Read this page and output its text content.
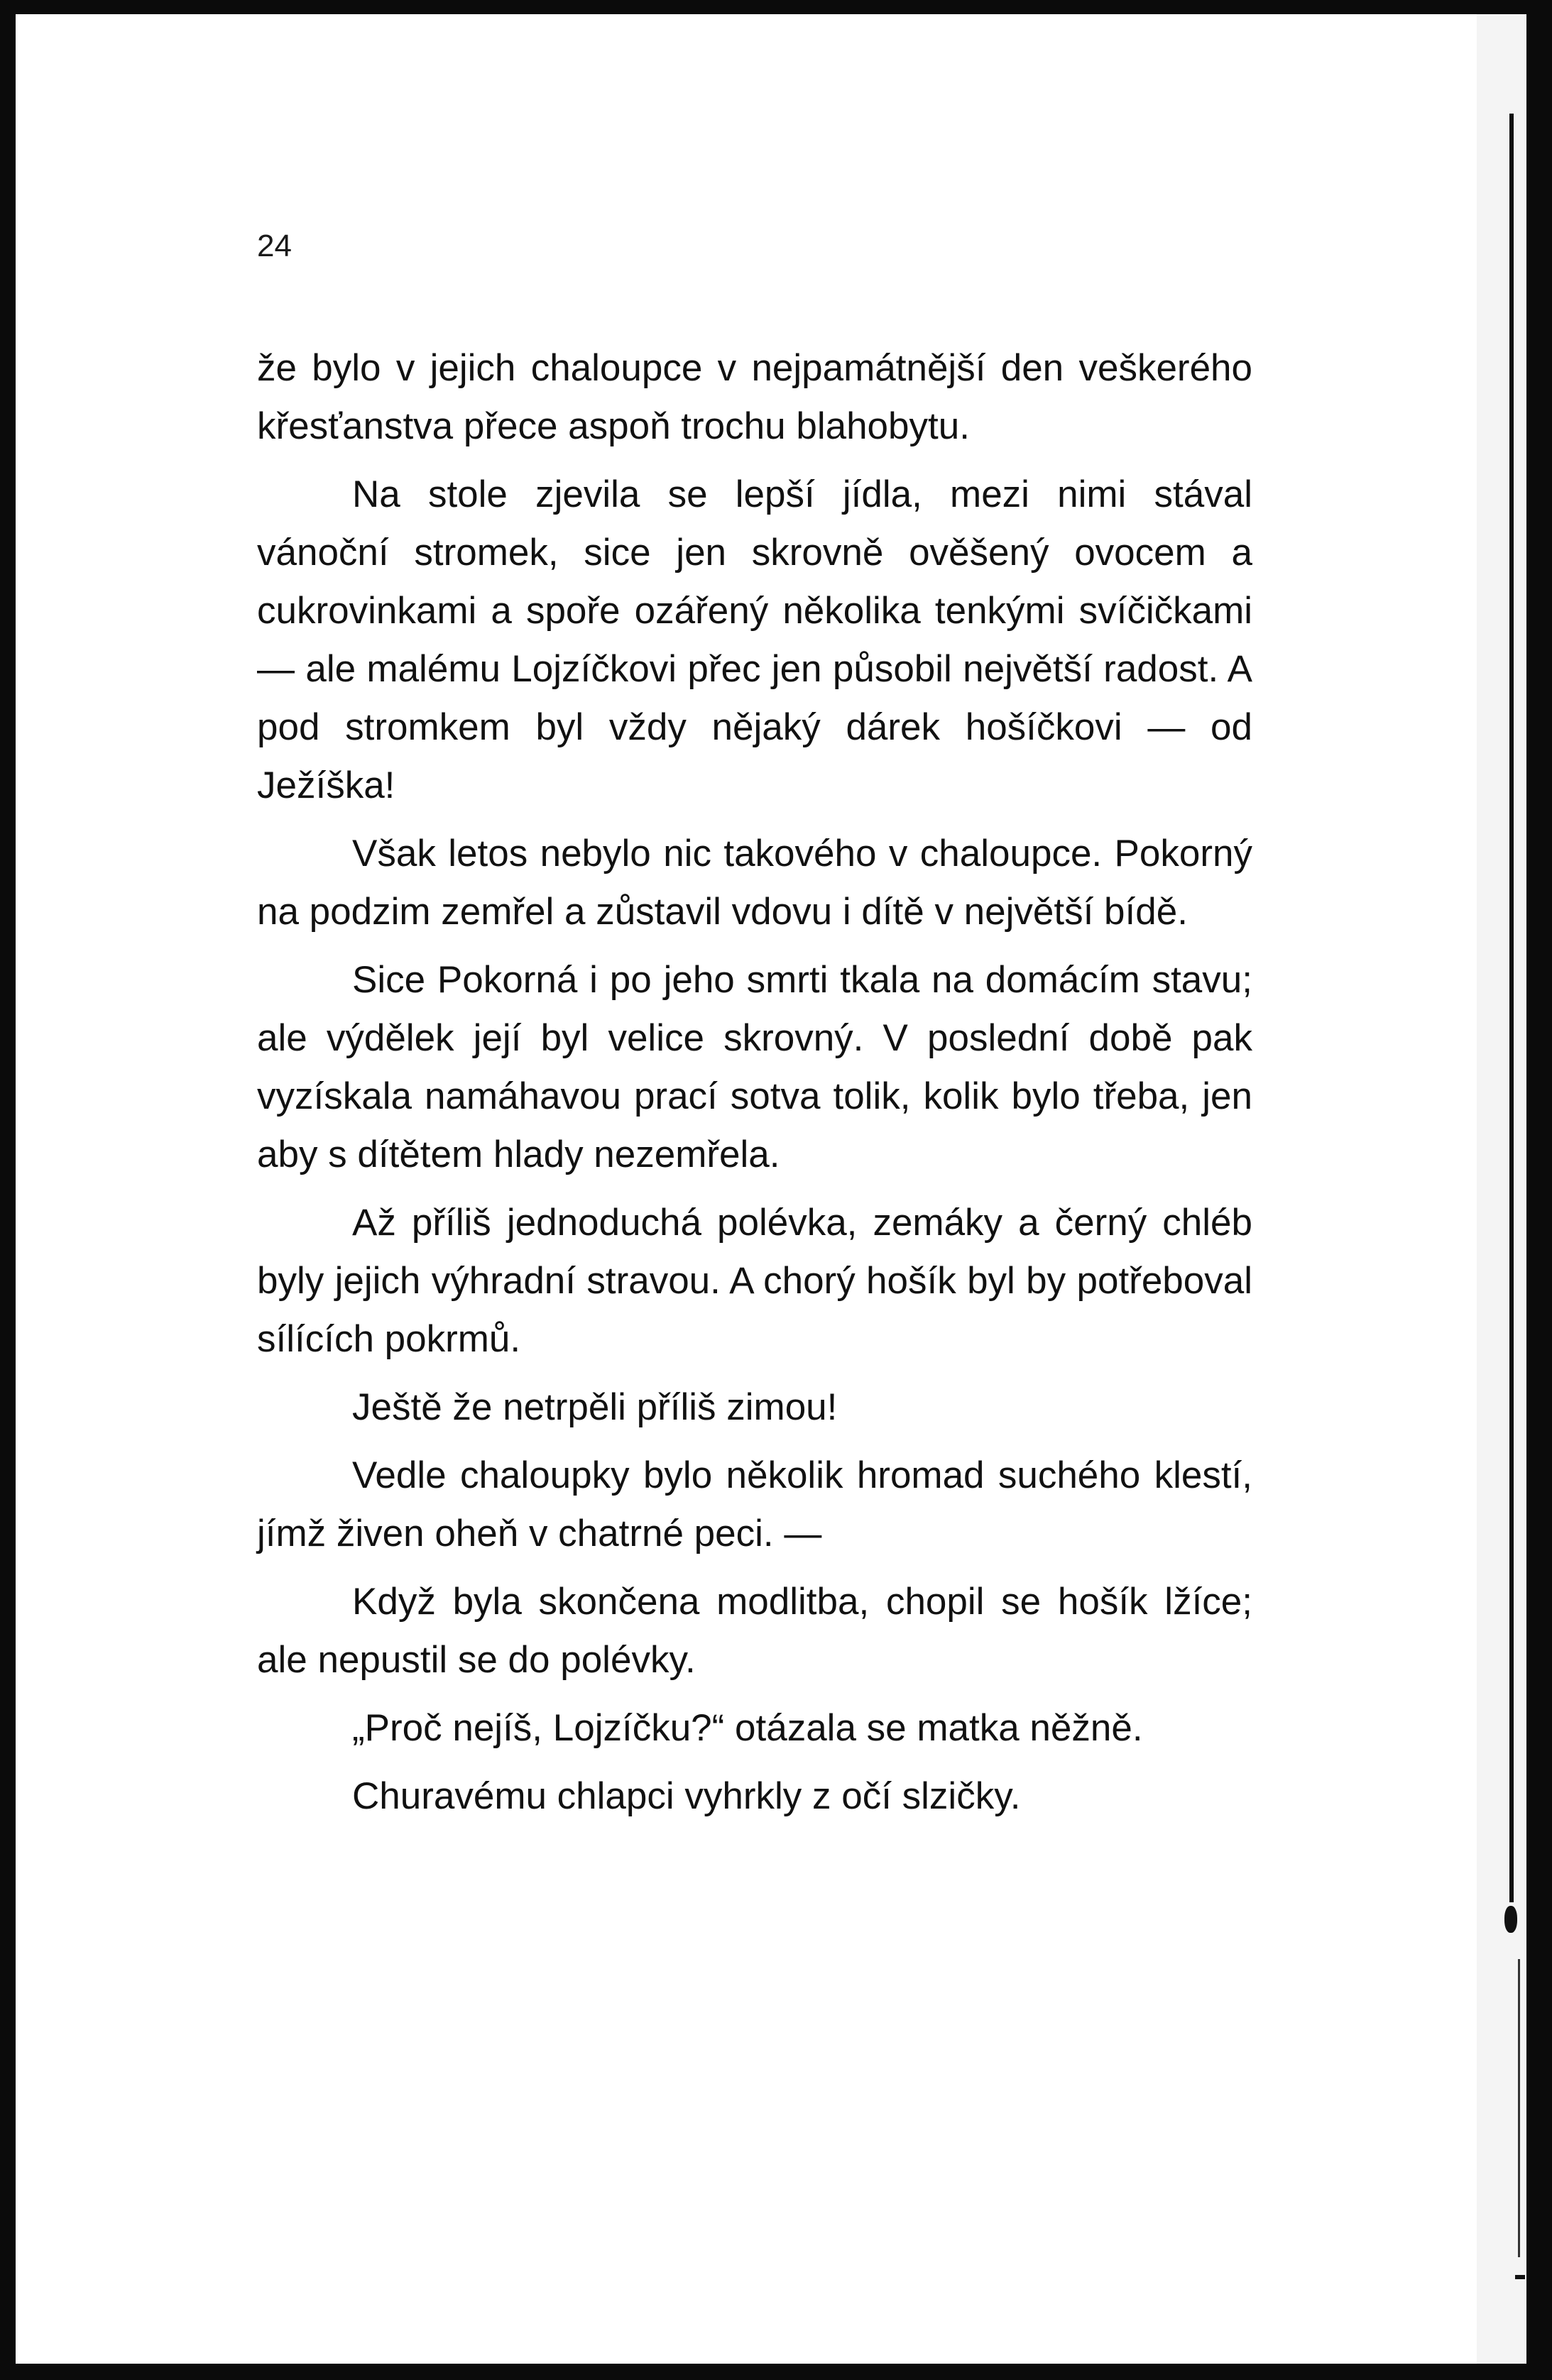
24

že bylo v jejich chaloupce v nejpamátnější den veškerého křesťanstva přece aspoň trochu blahobytu.

Na stole zjevila se lepší jídla, mezi nimi stával vánoční stromek, sice jen skrovně ověšený ovocem a cukrovinkami a spoře ozářený několika tenkými svíčičkami — ale malému Lojzíčkovi přec jen působil největší radost. A pod stromkem byl vždy nějaký dárek hošíčkovi — od Ježíška!

Však letos nebylo nic takového v chaloupce. Pokorný na podzim zemřel a zůstavil vdovu i dítě v největší bídě.

Sice Pokorná i po jeho smrti tkala na domácím stavu; ale výdělek její byl velice skrovný. V poslední době pak vyzískala namáhavou prací sotva tolik, kolik bylo třeba, jen aby s dítětem hlady nezemřela.

Až příliš jednoduchá polévka, zemáky a černý chléb byly jejich výhradní stravou. A chorý hošík byl by potřeboval sílících pokrmů.

Ještě že netrpěli příliš zimou!

Vedle chaloupky bylo několik hromad suchého klestí, jímž živen oheň v chatrné peci. —

Když byla skončena modlitba, chopil se hošík lžíce; ale nepustil se do polévky.

„Proč nejíš, Lojzíčku?“ otázala se matka něžně.

Churavému chlapci vyhrkly z očí slzičky.
